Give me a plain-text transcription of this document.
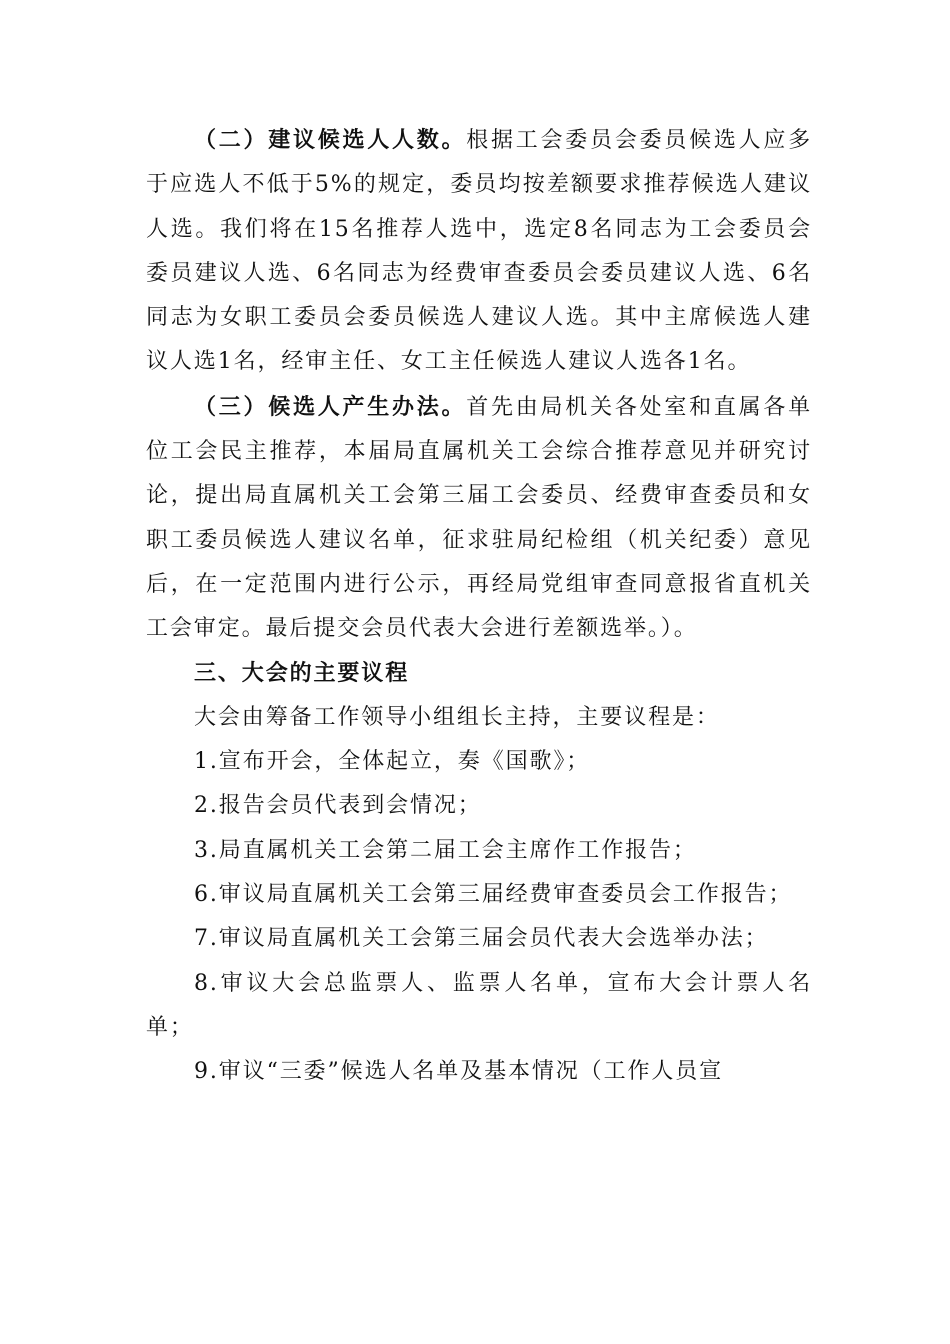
（二）建议候选人人数。根据工会委员会委员候选人应多于应选人不低于5%的规定，委员均按差额要求推荐候选人建议人选。我们将在15名推荐人选中，选定8名同志为工会委员会委员建议人选、6名同志为经费审查委员会委员建议人选、6名同志为女职工委员会委员候选人建议人选。其中主席候选人建议人选1名，经审主任、女工主任候选人建议人选各1名。

（三）候选人产生办法。首先由局机关各处室和直属各单位工会民主推荐，本届局直属机关工会综合推荐意见并研究讨论，提出局直属机关工会第三届工会委员、经费审查委员和女职工委员候选人建议名单，征求驻局纪检组（机关纪委）意见后，在一定范围内进行公示，再经局党组审查同意报省直机关工会审定。最后提交会员代表大会进行差额选举。）。

三、大会的主要议程

大会由筹备工作领导小组组长主持，主要议程是：

1.宣布开会，全体起立，奏《国歌》；

2.报告会员代表到会情况；

3.局直属机关工会第二届工会主席作工作报告；

6.审议局直属机关工会第三届经费审查委员会工作报告；

7.审议局直属机关工会第三届会员代表大会选举办法；

8.审议大会总监票人、监票人名单，宣布大会计票人名单；

9.审议“三委”候选人名单及基本情况（工作人员宣
